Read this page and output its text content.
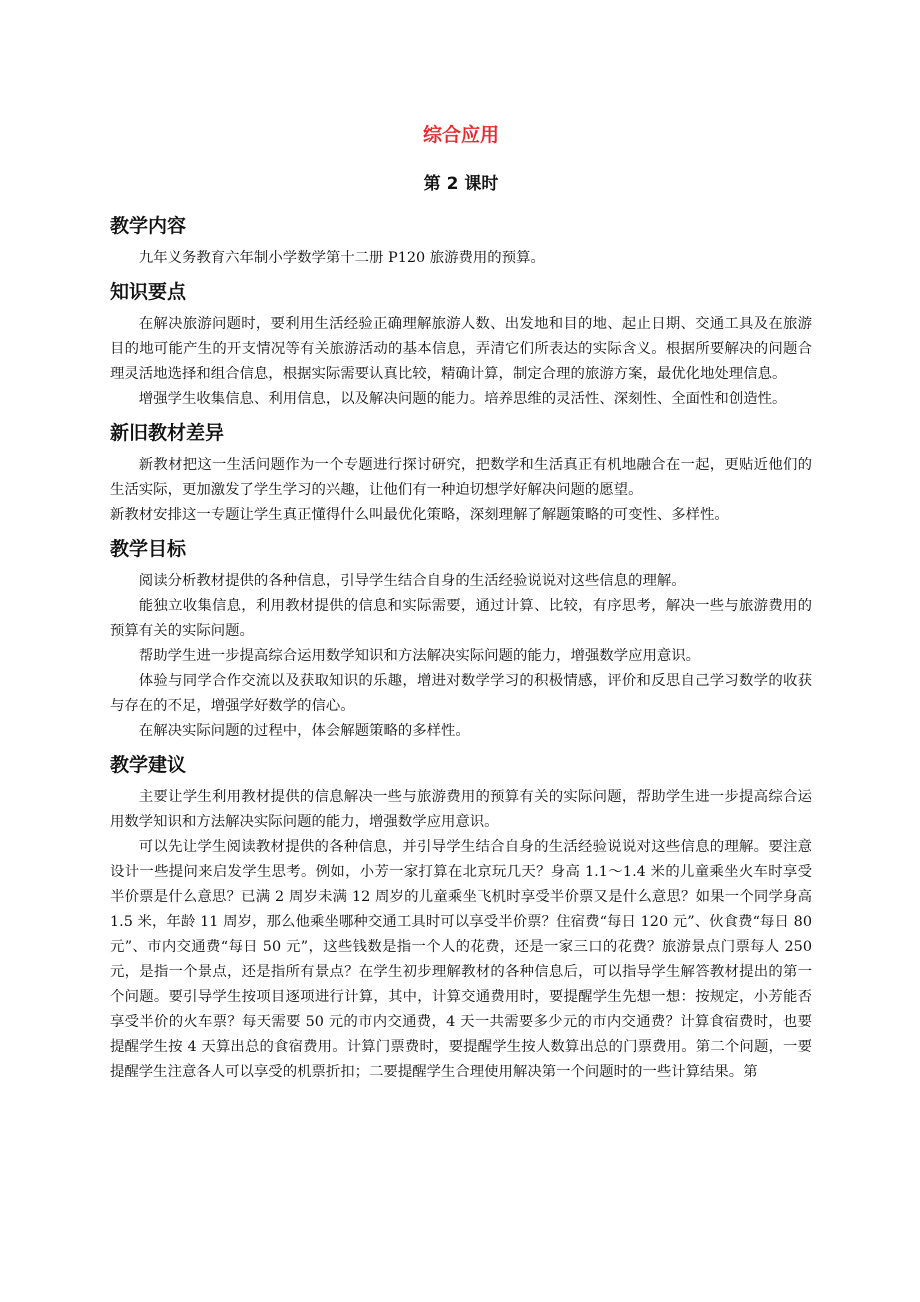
综合应用
第 2 课时
教学内容

九年义务教育六年制小学数学第十二册 P120 旅游费用的预算。

知识要点

在解决旅游问题时，要利用生活经验正确理解旅游人数、出发地和目的地、起止日期、交通工具及在旅游目的地可能产生的开支情况等有关旅游活动的基本信息，弄清它们所表达的实际含义。根据所要解决的问题合理灵活地选择和组合信息，根据实际需要认真比较，精确计算，制定合理的旅游方案，最优化地处理信息。

增强学生收集信息、利用信息，以及解决问题的能力。培养思维的灵活性、深刻性、全面性和创造性。

新旧教材差异

新教材把这一生活问题作为一个专题进行探讨研究，把数学和生活真正有机地融合在一起，更贴近他们的生活实际，更加激发了学生学习的兴趣，让他们有一种迫切想学好解决问题的愿望。

新教材安排这一专题让学生真正懂得什么叫最优化策略，深刻理解了解题策略的可变性、多样性。

教学目标

阅读分析教材提供的各种信息，引导学生结合自身的生活经验说说对这些信息的理解。

能独立收集信息，利用教材提供的信息和实际需要，通过计算、比较，有序思考，解决一些与旅游费用的预算有关的实际问题。

帮助学生进一步提高综合运用数学知识和方法解决实际问题的能力，增强数学应用意识。

体验与同学合作交流以及获取知识的乐趣，增进对数学学习的积极情感，评价和反思自己学习数学的收获与存在的不足，增强学好数学的信心。

在解决实际问题的过程中，体会解题策略的多样性。

教学建议

主要让学生利用教材提供的信息解决一些与旅游费用的预算有关的实际问题，帮助学生进一步提高综合运用数学知识和方法解决实际问题的能力，增强数学应用意识。

可以先让学生阅读教材提供的各种信息，并引导学生结合自身的生活经验说说对这些信息的理解。要注意设计一些提问来启发学生思考。例如，小芳一家打算在北京玩几天？身高 1.1～1.4 米的儿童乘坐火车时享受半价票是什么意思？已满 2 周岁未满 12 周岁的儿童乘坐飞机时享受半价票又是什么意思？如果一个同学身高 1.5 米，年龄 11 周岁，那么他乘坐哪种交通工具时可以享受半价票？住宿费“每日 120 元”、伙食费“每日 80 元”、市内交通费“每日 50 元”，这些钱数是指一个人的花费，还是一家三口的花费？旅游景点门票每人 250 元，是指一个景点，还是指所有景点？在学生初步理解教材的各种信息后，可以指导学生解答教材提出的第一个问题。要引导学生按项目逐项进行计算，其中，计算交通费用时，要提醒学生先想一想：按规定，小芳能否享受半价的火车票？每天需要 50 元的市内交通费，4 天一共需要多少元的市内交通费？计算食宿费时，也要提醒学生按 4 天算出总的食宿费用。计算门票费时，要提醒学生按人数算出总的门票费用。第二个问题，一要提醒学生注意各人可以享受的机票折扣；二要提醒学生合理使用解决第一个问题时的一些计算结果。第
